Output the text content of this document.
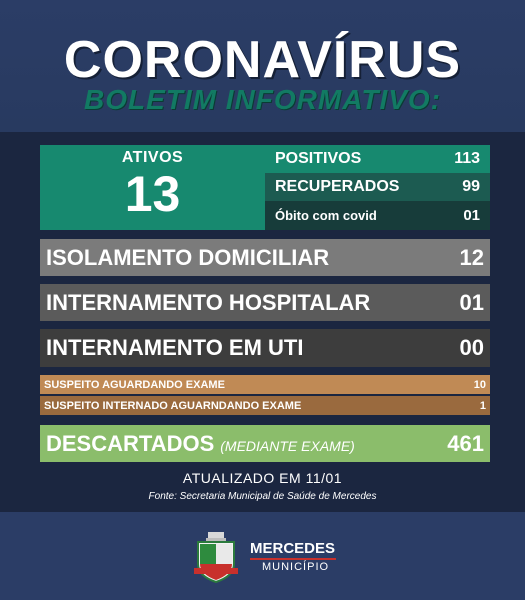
CORONAVÍRUS
BOLETIM INFORMATIVO:
ATIVOS
13
POSITIVOS	113
RECUPERADOS	99
Óbito com covid	01
ISOLAMENTO DOMICILIAR	12
INTERNAMENTO HOSPITALAR	01
INTERNAMENTO EM UTI	00
SUSPEITO AGUARDANDO EXAME	10
SUSPEITO INTERNADO AGUARNDANDO EXAME	1
DESCARTADOS (MEDIANTE EXAME)	461
ATUALIZADO EM 11/01
Fonte: Secretaria Municipal de Saúde de Mercedes
MERCEDES
MUNICÍPIO
